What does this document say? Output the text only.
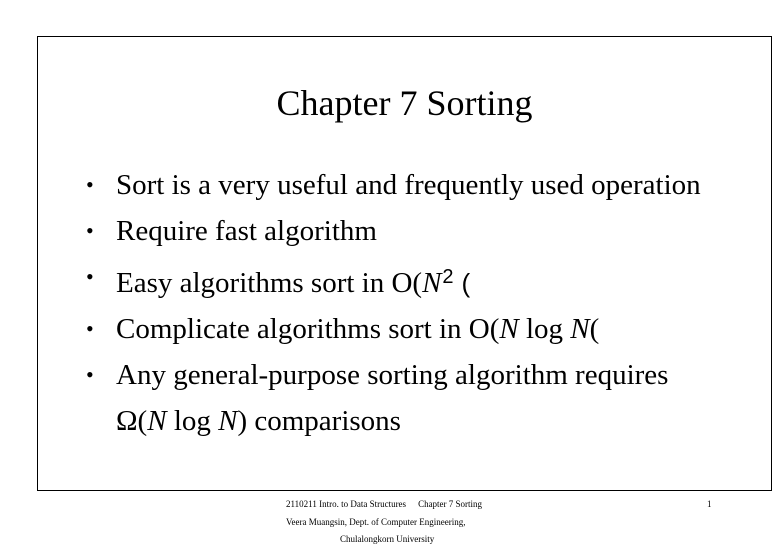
Chapter 7 Sorting
• Sort is a very useful and frequently used operation
• Require fast algorithm
• Easy algorithms sort in $O(N^2$ (
• Complicate algorithms sort in O(N log N(
• Any general-purpose sorting algorithm requires
Ω(N log N) comparisons
2110211 Intro. to Data Structures Chapter 7 Sorting
Veera Muangsin, Dept. of Computer Engineering,
Chulalongkorn University
1
